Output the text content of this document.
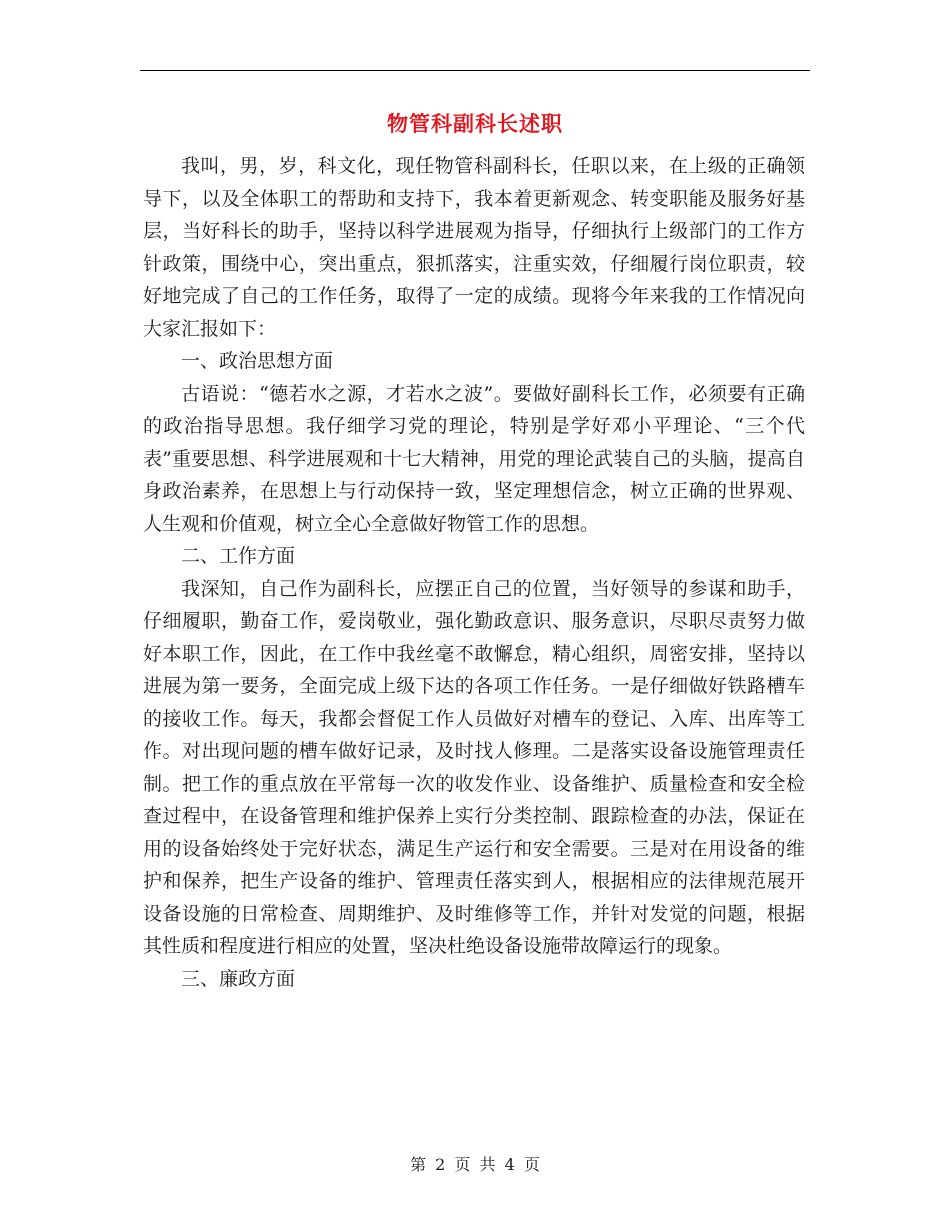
物管科副科长述职

我叫，男，岁，科文化，现任物管科副科长，任职以来，在上级的正确领导下，以及全体职工的帮助和支持下，我本着更新观念、转变职能及服务好基层，当好科长的助手，坚持以科学进展观为指导，仔细执行上级部门的工作方针政策，围绕中心，突出重点，狠抓落实，注重实效，仔细履行岗位职责，较好地完成了自己的工作任务，取得了一定的成绩。现将今年来我的工作情况向大家汇报如下：

一、政治思想方面

古语说：“德若水之源，才若水之波”。要做好副科长工作，必须要有正确的政治指导思想。我仔细学习党的理论，特别是学好邓小平理论、“三个代表”重要思想、科学进展观和十七大精神，用党的理论武装自己的头脑，提高自身政治素养，在思想上与行动保持一致，坚定理想信念，树立正确的世界观、人生观和价值观，树立全心全意做好物管工作的思想。

二、工作方面

我深知，自己作为副科长，应摆正自己的位置，当好领导的参谋和助手，仔细履职，勤奋工作，爱岗敬业，强化勤政意识、服务意识，尽职尽责努力做好本职工作，因此，在工作中我丝毫不敢懈怠，精心组织，周密安排，坚持以进展为第一要务，全面完成上级下达的各项工作任务。一是仔细做好铁路槽车的接收工作。每天，我都会督促工作人员做好对槽车的登记、入库、出库等工作。对出现问题的槽车做好记录，及时找人修理。二是落实设备设施管理责任制。把工作的重点放在平常每一次的收发作业、设备维护、质量检查和安全检查过程中，在设备管理和维护保养上实行分类控制、跟踪检查的办法，保证在用的设备始终处于完好状态，满足生产运行和安全需要。三是对在用设备的维护和保养，把生产设备的维护、管理责任落实到人，根据相应的法律规范展开设备设施的日常检查、周期维护、及时维修等工作，并针对发觉的问题，根据其性质和程度进行相应的处置，坚决杜绝设备设施带故障运行的现象。

三、廉政方面

第 2 页 共 4 页
